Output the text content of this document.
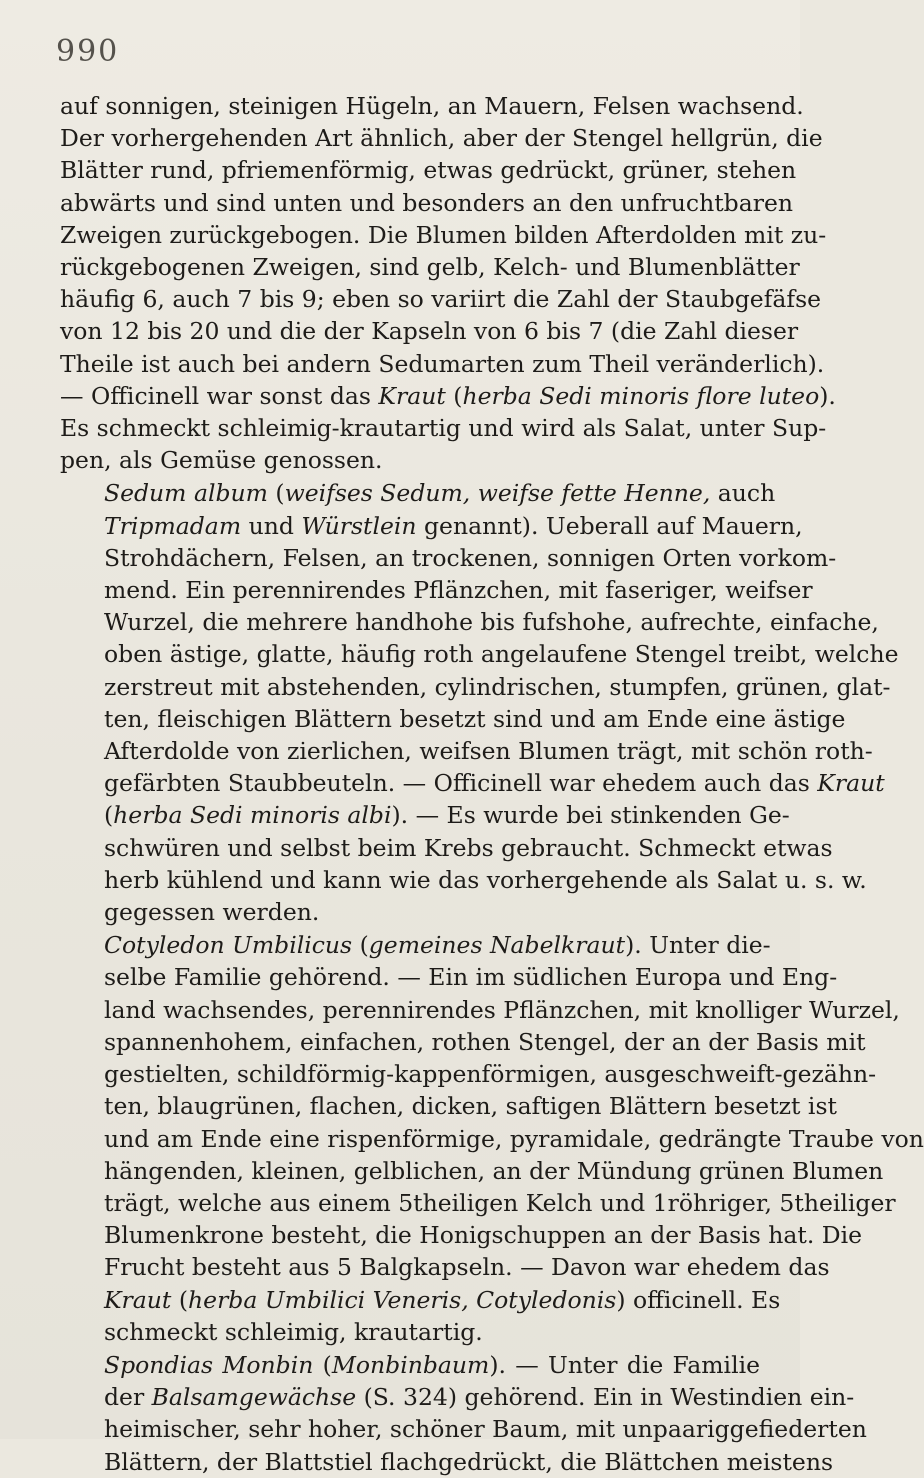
990

auf sonnigen, steinigen Hügeln, an Mauern, Felsen wachsend.
Der vorhergehenden Art ähnlich, aber der Stengel hellgrün, die
Blätter rund, pfriemenförmig, etwas gedrückt, grüner, stehen
abwärts und sind unten und besonders an den unfruchtbaren
Zweigen zurückgebogen. Die Blumen bilden Afterdolden mit zu-
rückgebogenen Zweigen, sind gelb, Kelch- und Blumenblätter
häufig 6, auch 7 bis 9; eben so variirt die Zahl der Staubgefäfse
von 12 bis 20 und die der Kapseln von 6 bis 7 (die Zahl dieser
Theile ist auch bei andern Sedumarten zum Theil veränderlich).
— Officinell war sonst das Kraut (herba Sedi minoris flore luteo).
Es schmeckt schleimig-krautartig und wird als Salat, unter Sup-
pen, als Gemüse genossen.

Sedum album (weifses Sedum, weifse fette Henne, auch
Tripmadam und Würstlein genannt). Ueberall auf Mauern,
Strohdächern, Felsen, an trockenen, sonnigen Orten vorkom-
mend. Ein perennirendes Pflänzchen, mit faseriger, weifser
Wurzel, die mehrere handhohe bis fufshohe, aufrechte, einfache,
oben ästige, glatte, häufig roth angelaufene Stengel treibt, welche
zerstreut mit abstehenden, cylindrischen, stumpfen, grünen, glat-
ten, fleischigen Blättern besetzt sind und am Ende eine ästige
Afterdolde von zierlichen, weifsen Blumen trägt, mit schön roth-
gefärbten Staubbeuteln. — Officinell war ehedem auch das Kraut
(herba Sedi minoris albi). — Es wurde bei stinkenden Ge-
schwüren und selbst beim Krebs gebraucht. Schmeckt etwas
herb kühlend und kann wie das vorhergehende als Salat u. s. w.
gegessen werden.

Cotyledon Umbilicus (gemeines Nabelkraut). Unter die-
selbe Familie gehörend. — Ein im südlichen Europa und Eng-
land wachsendes, perennirendes Pflänzchen, mit knolliger Wurzel,
spannenhohem, einfachen, rothen Stengel, der an der Basis mit
gestielten, schildförmig-kappenförmigen, ausgeschweift-gezähn-
ten, blaugrünen, flachen, dicken, saftigen Blättern besetzt ist
und am Ende eine rispenförmige, pyramidale, gedrängte Traube von
hängenden, kleinen, gelblichen, an der Mündung grünen Blumen
trägt, welche aus einem 5theiligen Kelch und 1röhriger, 5theiliger
Blumenkrone besteht, die Honigschuppen an der Basis hat. Die
Frucht besteht aus 5 Balgkapseln. — Davon war ehedem das
Kraut (herba Umbilici Veneris, Cotyledonis) officinell. Es
schmeckt schleimig, krautartig.

Spondias Monbin (Monbinbaum). — Unter die Familie
der Balsamgewächse (S. 324) gehörend. Ein in Westindien ein-
heimischer, sehr hoher, schöner Baum, mit unpaariggefiederten
Blättern, der Blattstiel flachgedrückt, die Blättchen meistens
